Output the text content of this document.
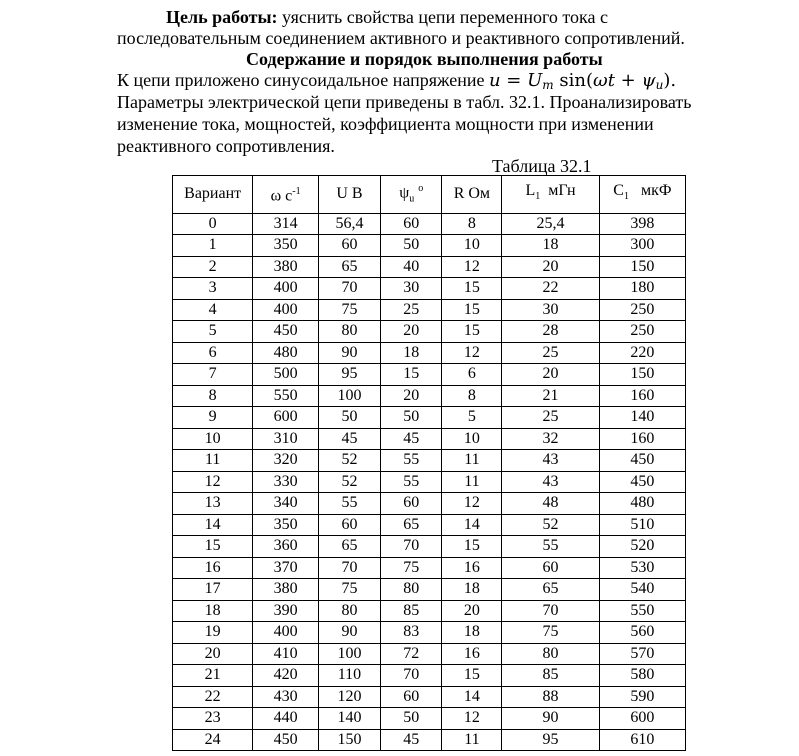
Цель работы: уяснить свойства цепи переменного тока с
последовательным соединением активного и реактивного сопротивлений.
Содержание и порядок выполнения работы
К цепи приложено синусоидальное напряжение $u = U_m$ $\sin(\omega t + \psi_u)$.
Параметры электрической цепи приведены в табл. 32.1. Проанализировать
изменение тока, мощностей, коэффициента мощности при изменении
реактивного сопротивления.
Таблица 32.1
Вариант	ω $с^{-1}$	U В	$\psi_u$ $^о$	R Ом	$L_1$ мГн	$C_1$ мкФ
0	314	56,4	60	8	25,4	398
1	350	60	50	10	18	300
2	380	65	40	12	20	150
3	400	70	30	15	22	180
4	400	75	25	15	30	250
5	450	80	20	15	28	250
6	480	90	18	12	25	220
7	500	95	15	6	20	150
8	550	100	20	8	21	160
9	600	50	50	5	25	140
10	310	45	45	10	32	160
11	320	52	55	11	43	450
12	330	52	55	11	43	450
13	340	55	60	12	48	480
14	350	60	65	14	52	510
15	360	65	70	15	55	520
16	370	70	75	16	60	530
17	380	75	80	18	65	540
18	390	80	85	20	70	550
19	400	90	83	18	75	560
20	410	100	72	16	80	570
21	420	110	70	15	85	580
22	430	120	60	14	88	590
23	440	140	50	12	90	600
24	450	150	45	11	95	610
